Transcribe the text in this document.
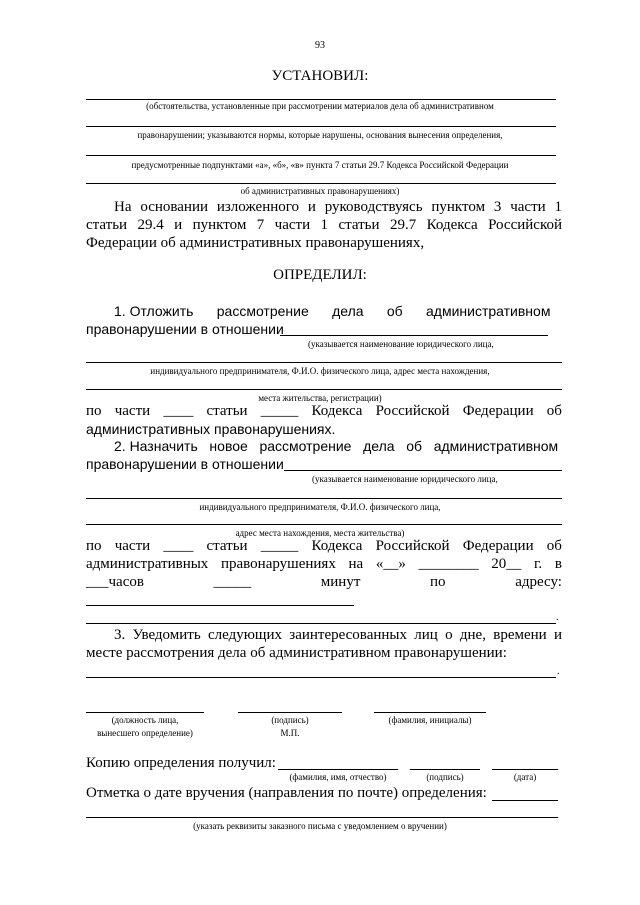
93
УСТАНОВИЛ:
(обстоятельства, установленные при рассмотрении материалов дела об административном
правонарушении; указываются нормы, которые нарушены, основания вынесения определения,
предусмотренные подпунктами «а», «б», «в» пункта 7 статьи 29.7 Кодекса Российской Федерации
об административных правонарушениях)
На основании изложенного и руководствуясь пунктом 3 части 1
статьи 29.4 и пунктом 7 части 1 статьи 29.7 Кодекса Российской
Федерации об административных правонарушениях,
ОПРЕДЕЛИЛ:
1. Отложить      рассмотрение      дела      об      административном
правонарушении в отношении
(указывается наименование юридического лица,
индивидуального предпринимателя, Ф.И.О. физического лица, адрес места нахождения,
места жительства, регистрации)
по части ____ статьи _____ Кодекса Российской Федерации об
административных правонарушениях.
2. Назначить   новое   рассмотрение   дела   об   административном
правонарушении в отношении
(указывается наименование юридического лица,
индивидуального предпринимателя, Ф.И.О. физического лица,
адрес места нахождения, места жительства)
по части ____ статьи _____ Кодекса Российской Федерации об
административных правонарушениях на «__» ________ 20__ г. в
___часов	_____	минут	по	адресу:
.
3. Уведомить следующих заинтересованных лиц о дне, времени и
месте рассмотрения дела об административном правонарушении:
.
(должность лица,
вынесшего определение)
(подпись)
М.П.
(фамилия, инициалы)
Копию определения получил:
(фамилия, имя, отчество)	(подпись)	(дата)
Отметка о дате вручения (направления по почте) определения:
(указать реквизиты заказного письма с уведомлением о вручении)
